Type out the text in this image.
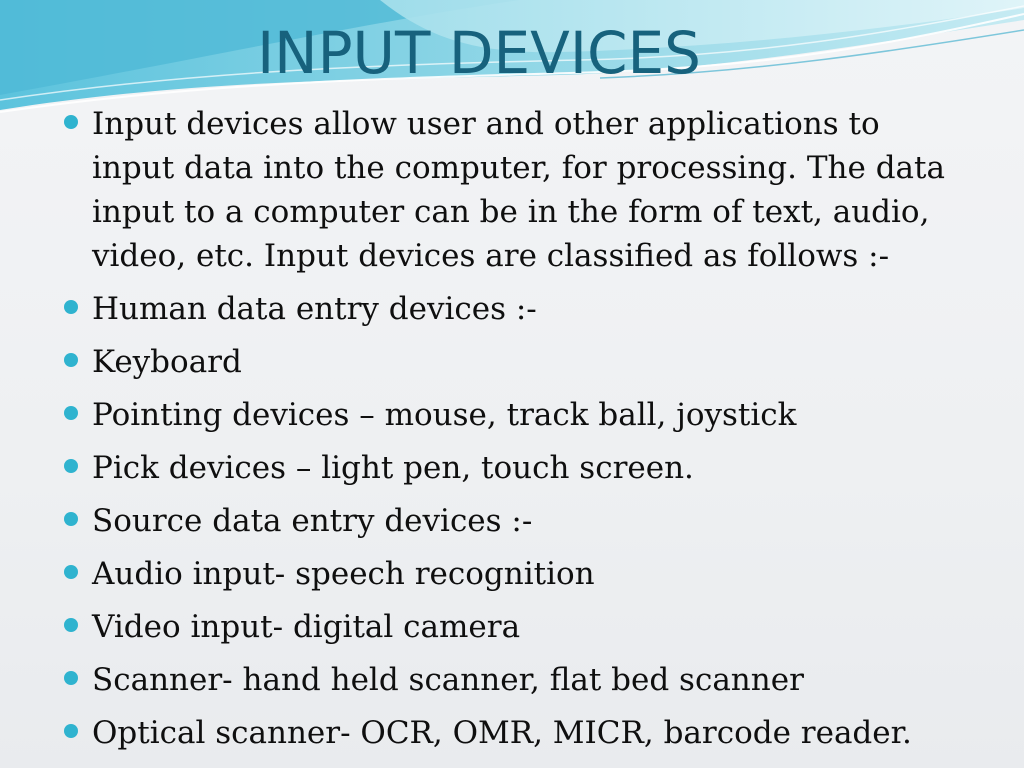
INPUT DEVICES
Input devices allow user and other applications to input data into the computer, for processing. The data input to a computer can be in the form of text, audio, video, etc. Input devices are classified as follows :-
Human data entry devices :-
Keyboard
Pointing devices – mouse, track ball, joystick
Pick devices – light pen, touch screen.
Source data entry devices :-
Audio input- speech recognition
Video input- digital camera
Scanner- hand held scanner, flat bed scanner
Optical scanner- OCR, OMR, MICR, barcode reader.
